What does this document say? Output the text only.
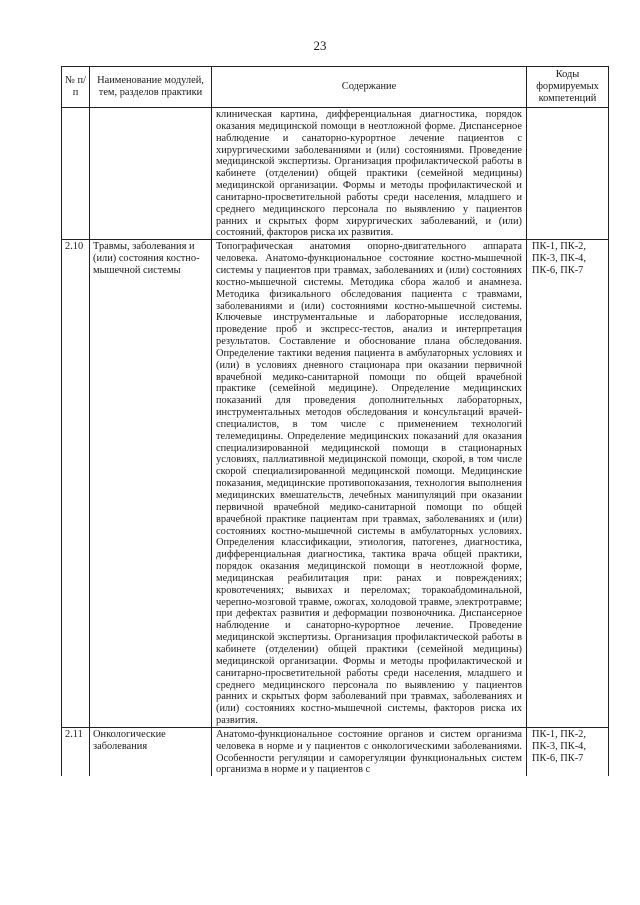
23
№ п/п	Наименование модулей, тем, разделов практики	Содержание	Коды формируемых компетенций
		клиническая картина, дифференциальная диагностика, порядок оказания медицинской помощи в неотложной форме. Диспансерное наблюдение и санаторно-курортное лечение пациентов с хирургическими заболеваниями и (или) состояниями. Проведение медицинской экспертизы. Организация профилактической работы в кабинете (отделении) общей практики (семейной медицины) медицинской организации. Формы и методы профилактической и санитарно-просветительной работы среди населения, младшего и среднего медицинского персонала по выявлению у пациентов ранних и скрытых форм хирургических заболеваний, и (или) состояний, факторов риска их развития.	
2.10	Травмы, заболевания и (или) состояния костно-мышечной системы	Топографическая анатомия опорно-двигательного аппарата человека. Анатомо-функциональное состояние костно-мышечной системы у пациентов при травмах, заболеваниях и (или) состояниях костно-мышечной системы. Методика сбора жалоб и анамнеза. Методика физикального обследования пациента с травмами, заболеваниями и (или) состояниями костно-мышечной системы. Ключевые инструментальные и лабораторные исследования, проведение проб и экспресс-тестов, анализ и интерпретация результатов. Составление и обоснование плана обследования. Определение тактики ведения пациента в амбулаторных условиях и (или) в условиях дневного стационара при оказании первичной врачебной медико-санитарной помощи по общей врачебной практике (семейной медицине). Определение медицинских показаний для проведения дополнительных лабораторных, инструментальных методов обследования и консультаций врачей-специалистов, в том числе с применением технологий телемедицины. Определение медицинских показаний для оказания специализированной медицинской помощи в стационарных условиях, паллиативной медицинской помощи, скорой, в том числе скорой специализированной медицинской помощи. Медицинские показания, медицинские противопоказания, технология выполнения медицинских вмешательств, лечебных манипуляций при оказании первичной врачебной медико-санитарной помощи по общей врачебной практике пациентам при травмах, заболеваниях и (или) состояниях костно-мышечной системы в амбулаторных условиях. Определения классификации, этиология, патогенез, диагностика, дифференциальная диагностика, тактика врача общей практики, порядок оказания медицинской помощи в неотложной форме, медицинская реабилитация при: ранах и повреждениях; кровотечениях; вывихах и переломах; торакоабдоминальной, черепно-мозговой травме, ожогах, холодовой травме, электротравме; при дефектах развития и деформации позвоночника. Диспансерное наблюдение и санаторно-курортное лечение. Проведение медицинской экспертизы. Организация профилактической работы в кабинете (отделении) общей практики (семейной медицины) медицинской организации. Формы и методы профилактической и санитарно-просветительной работы среди населения, младшего и среднего медицинского персонала по выявлению у пациентов ранних и скрытых форм заболеваний при травмах, заболеваниях и (или) состояниях костно-мышечной системы, факторов риска их развития.	ПК-1, ПК-2, ПК-3, ПК-4, ПК-6, ПК-7
2.11	Онкологические заболевания	Анатомо-функциональное состояние органов и систем организма человека в норме и у пациентов с онкологическими заболеваниями. Особенности регуляции и саморегуляции функциональных систем организма в норме и у пациентов с	ПК-1, ПК-2, ПК-3, ПК-4, ПК-6, ПК-7
